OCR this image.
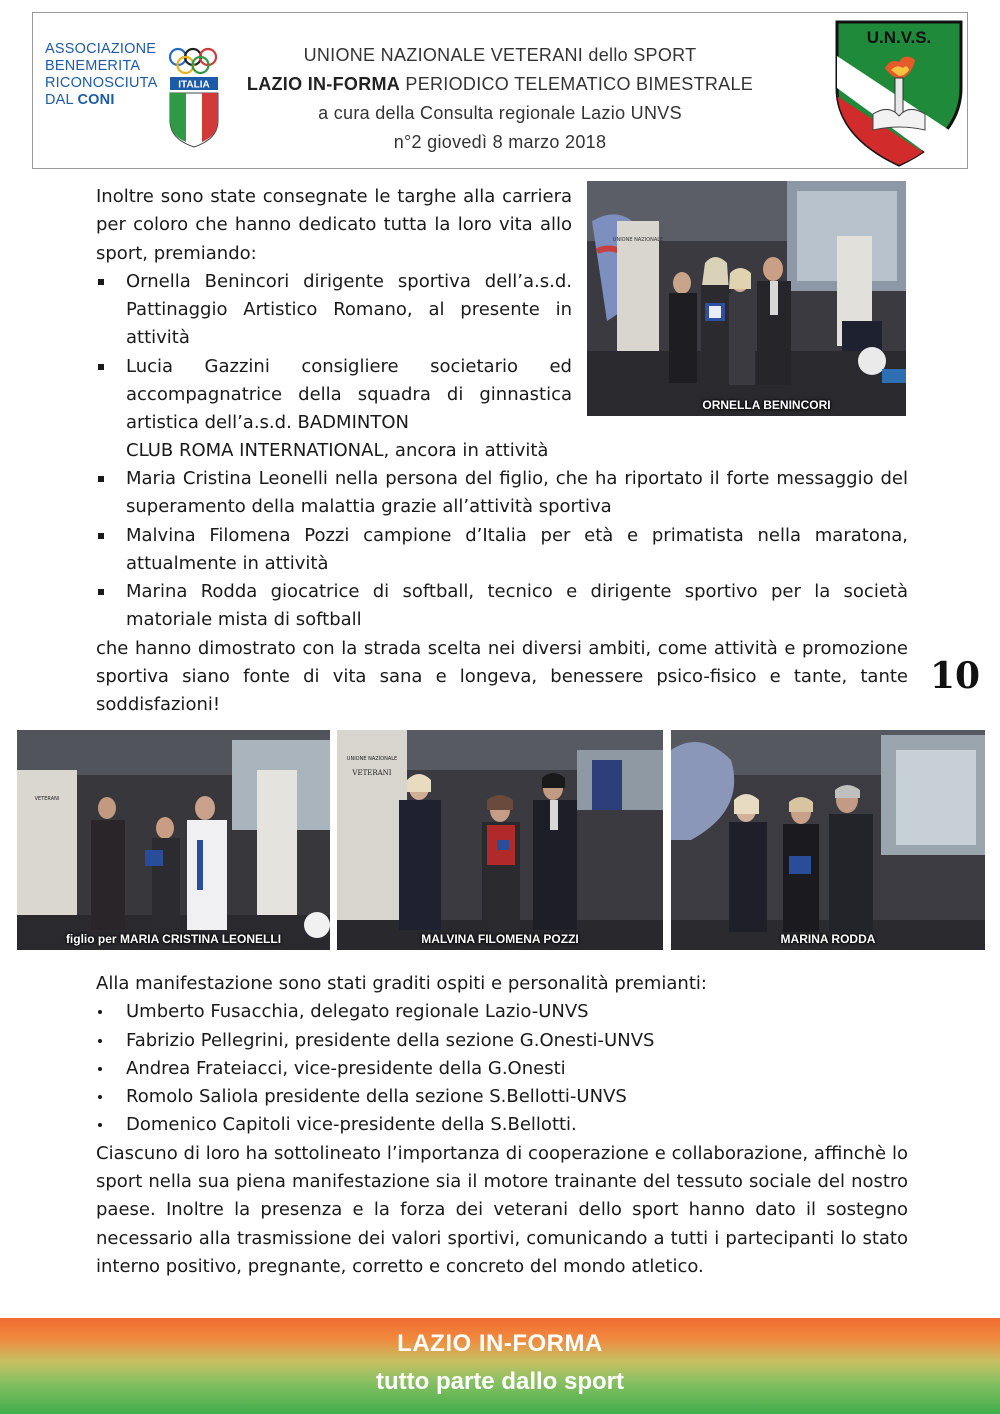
ASSOCIAZIONE
BENEMERITA
RICONOSCIUTA
DAL CONI
ITALIA
UNIONE NAZIONALE VETERANI dello SPORT
LAZIO IN-FORMA PERIODICO TELEMATICO BIMESTRALE
a cura della Consulta regionale Lazio UNVS
n°2 giovedì 8 marzo 2018
U.N.V.S.

Inoltre sono state consegnate le targhe alla carriera per coloro che hanno dedicato tutta la loro vita allo sport, premiando:

Ornella Benincori dirigente sportiva dell’a.s.d. Pattinaggio Artistico Romano, al presente in attività
Lucia Gazzini consigliere societario ed accompagnatrice della squadra di ginnastica artistica dell’a.s.d. BADMINTON
CLUB ROMA INTERNATIONAL, ancora in attività
UNIONE NAZIONALE
ORNELLA BENINCORI
Maria Cristina Leonelli nella persona del figlio, che ha riportato il forte messaggio del superamento della malattia grazie all’attività sportiva
Malvina Filomena Pozzi campione d’Italia per età e primatista nella maratona, attualmente in attività
Marina Rodda giocatrice di softball, tecnico e dirigente sportivo per la società matoriale mista di softball

che hanno dimostrato con la strada scelta nei diversi ambiti, come attività e promozione sportiva siano fonte di vita sana e longeva, benessere psico-fisico e tante, tante soddisfazioni!

10
VETERANI
figlio per MARIA CRISTINA LEONELLI
UNIONE NAZIONALE
VETERANI
MALVINA FILOMENA POZZI	MARINA RODDA

Alla manifestazione sono stati graditi ospiti e personalità premianti:

Umberto Fusacchia, delegato regionale Lazio-UNVS
Fabrizio Pellegrini, presidente della sezione G.Onesti-UNVS
Andrea Frateiacci, vice-presidente della G.Onesti
Romolo Saliola presidente della sezione S.Bellotti-UNVS
Domenico Capitoli vice-presidente della S.Bellotti.

Ciascuno di loro ha sottolineato l’importanza di cooperazione e collaborazione, affinchè lo sport nella sua piena manifestazione sia il motore trainante del tessuto sociale del nostro paese. Inoltre la presenza e la forza dei veterani dello sport hanno dato il sostegno necessario alla trasmissione dei valori sportivi, comunicando a tutti i partecipanti lo stato interno positivo, pregnante, corretto e concreto del mondo atletico.

LAZIO IN-FORMA
tutto parte dallo sport
